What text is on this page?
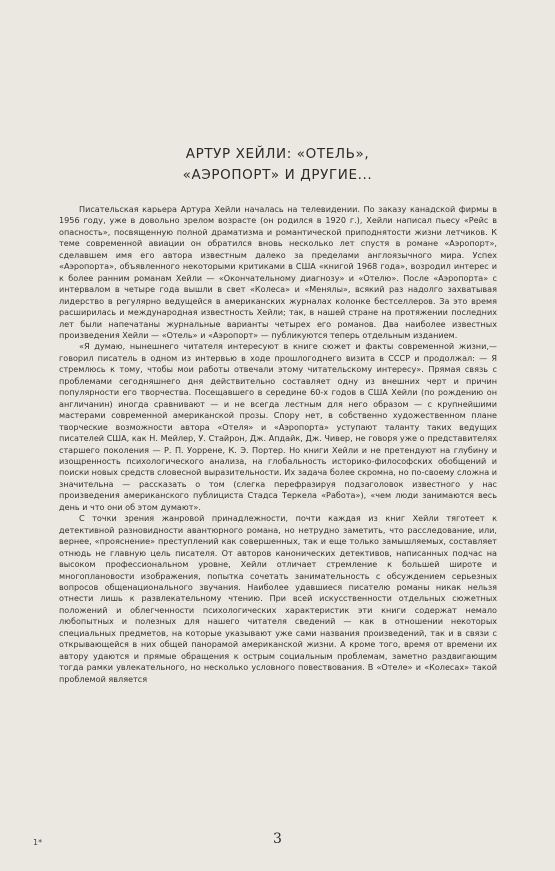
АРТУР ХЕЙЛИ: «ОТЕЛЬ»,
«АЭРОПОРТ» И ДРУГИЕ...

Писательская карьера Артура Хейли началась на телевидении. По заказу канадской фирмы в 1956 году, уже в довольно зрелом возрасте (он родился в 1920 г.), Хейли написал пьесу «Рейс в опасность», посвященную полной драматизма и романтической приподнятости жизни летчиков. К теме современной авиации он обратился вновь несколько лет спустя в романе «Аэропорт», сделавшем имя его автора известным далеко за пределами англоязычного мира. Успех «Аэропорта», объявленного некоторыми критиками в США «книгой 1968 года», возродил интерес и к более ранним романам Хейли — «Окончательному диагнозу» и «Отелю». После «Аэропорта» с интервалом в четыре года вышли в свет «Колеса» и «Менялы», всякий раз надолго захватывая лидерство в регулярно ведущейся в американских журналах колонке бестселлеров. За это время расширилась и международная известность Хейли; так, в нашей стране на протяжении последних лет были напечатаны журнальные варианты четырех его романов. Два наиболее известных произведения Хейли — «Отель» и «Аэропорт» — публикуются теперь отдельным изданием.

«Я думаю, нынешнего читателя интересуют в книге сюжет и факты современной жизни,— говорил писатель в одном из интервью в ходе прошлогоднего визита в СССР и продолжал: — Я стремлюсь к тому, чтобы мои работы отвечали этому читательскому интересу». Прямая связь с проблемами сегодняшнего дня действительно составляет одну из внешних черт и причин популярности его творчества. Посещавшего в середине 60-х годов в США Хейли (по рождению он англичанин) иногда сравнивают — и не всегда лестным для него образом — с крупнейшими мастерами современной американской прозы. Спору нет, в собственно художественном плане творческие возможности автора «Отеля» и «Аэропорта» уступают таланту таких ведущих писателей США, как Н. Мейлер, У. Стайрон, Дж. Апдайк, Дж. Чивер, не говоря уже о представителях старшего поколения — Р. П. Уоррене, К. Э. Портер. Но книги Хейли и не претендуют на глубину и изощренность психологического анализа, на глобальность историко-философских обобщений и поиски новых средств словесной выразительности. Их задача более скромна, но по-своему сложна и значительна — рассказать о том (слегка перефразируя подзаголовок известного у нас произведения американского публициста Стадса Теркела «Работа»), «чем люди занимаются весь день и что они об этом думают».

С точки зрения жанровой принадлежности, почти каждая из книг Хейли тяготеет к детективной разновидности авантюрного романа, но нетрудно заметить, что расследование, или, вернее, «прояснение» преступлений как совершенных, так и еще только замышляемых, составляет отнюдь не главную цель писателя. От авторов канонических детективов, написанных подчас на высоком профессиональном уровне, Хейли отличает стремление к большей широте и многоплановости изображения, попытка сочетать занимательность с обсуждением серьезных вопросов общенационального звучания. Наиболее удавшиеся писателю романы никак нельзя отнести лишь к развлекательному чтению. При всей искусственности отдельных сюжетных положений и облегченности психологических характеристик эти книги содержат немало любопытных и полезных для нашего читателя сведений — как в отношении некоторых специальных предметов, на которые указывают уже сами названия произведений, так и в связи с открывающейся в них общей панорамой американской жизни. А кроме того, время от времени их автору удаются и прямые обращения к острым социальным проблемам, заметно раздвигающим тогда рамки увлекательного, но несколько условного повествования. В «Отеле» и «Колесах» такой проблемой является

1*	3
